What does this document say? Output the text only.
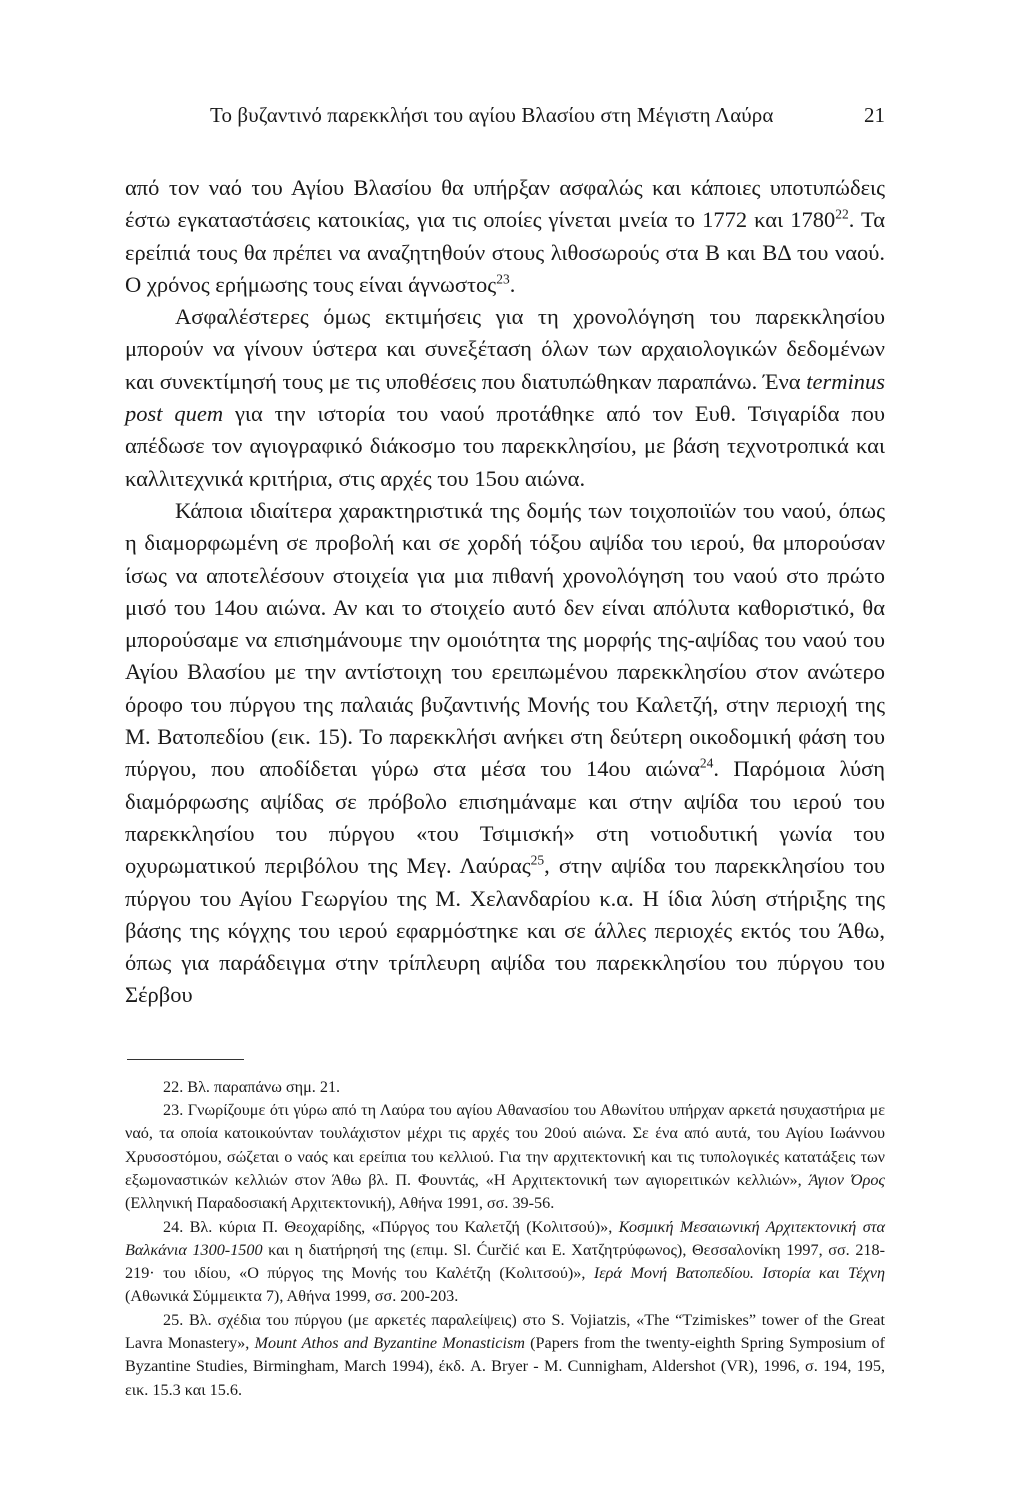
Το βυζαντινό παρεκκλήσι του αγίου Βλασίου στη Μέγιστη Λαύρα	21

από τον ναό του Αγίου Βλασίου θα υπήρξαν ασφαλώς και κάποιες υποτυπώδεις έστω εγκαταστάσεις κατοικίας, για τις οποίες γίνεται μνεία το 1772 και 1780$^{22}$. Τα ερείπιά τους θα πρέπει να αναζητηθούν στους λιθοσωρούς στα Β και ΒΔ του ναού. Ο χρόνος ερήμωσης τους είναι άγνωστος$^{23}$.

Ασφαλέστερες όμως εκτιμήσεις για τη χρονολόγηση του παρεκκλησίου μπορούν να γίνουν ύστερα και συνεξέταση όλων των αρχαιολογικών δεδομένων και συνεκτίμησή τους με τις υποθέσεις που διατυπώθηκαν παραπάνω. Ένα terminus post quem για την ιστορία του ναού προτάθηκε από τον Ευθ. Τσιγαρίδα που απέδωσε τον αγιογραφικό διάκοσμο του παρεκκλησίου, με βάση τεχνοτροπικά και καλλιτεχνικά κριτήρια, στις αρχές του 15ου αιώνα.

Κάποια ιδιαίτερα χαρακτηριστικά της δομής των τοιχοποιϊών του ναού, όπως η διαμορφωμένη σε προβολή και σε χορδή τόξου αψίδα του ιερού, θα μπορούσαν ίσως να αποτελέσουν στοιχεία για μια πιθανή χρονολόγηση του ναού στο πρώτο μισό του 14ου αιώνα. Αν και το στοιχείο αυτό δεν είναι απόλυτα καθοριστικό, θα μπορούσαμε να επισημάνουμε την ομοιότητα της μορφής της-αψίδας του ναού του Αγίου Βλασίου με την αντίστοιχη του ερειπωμένου παρεκκλησίου στον ανώτερο όροφο του πύργου της παλαιάς βυζαντινής Μονής του Καλετζή, στην περιοχή της Μ. Βατοπεδίου (εικ. 15). Το παρεκκλήσι ανήκει στη δεύτερη οικοδομική φάση του πύργου, που αποδίδεται γύρω στα μέσα του 14ου αιώνα$^{24}$. Παρόμοια λύση διαμόρφωσης αψίδας σε πρόβολο επισημάναμε και στην αψίδα του ιερού του παρεκκλησίου του πύργου «του Τσιμισκή» στη νοτιοδυτική γωνία του οχυρωματικού περιβόλου της Μεγ. Λαύρας$^{25}$, στην αψίδα του παρεκκλησίου του πύργου του Αγίου Γεωργίου της Μ. Χελανδαρίου κ.α. Η ίδια λύση στήριξης της βάσης της κόγχης του ιερού εφαρμόστηκε και σε άλλες περιοχές εκτός του Άθω, όπως για παράδειγμα στην τρίπλευρη αψίδα του παρεκκλησίου του πύργου του Σέρβου

22. Βλ. παραπάνω σημ. 21.

23. Γνωρίζουμε ότι γύρω από τη Λαύρα του αγίου Αθανασίου του Αθωνίτου υπήρχαν αρκετά ησυχαστήρια με ναό, τα οποία κατοικούνταν τουλάχιστον μέχρι τις αρχές του 20ού αιώνα. Σε ένα από αυτά, του Αγίου Ιωάννου Χρυσοστόμου, σώζεται ο ναός και ερείπια του κελλιού. Για την αρχιτεκτονική και τις τυπολογικές κατατάξεις των εξωμοναστικών κελλιών στον Άθω βλ. Π. Φουντάς, «Η Αρχιτεκτονική των αγιορειτικών κελλιών», Άγιον Όρος (Ελληνική Παραδοσιακή Αρχιτεκτονική), Αθήνα 1991, σσ. 39-56.

24. Βλ. κύρια Π. Θεοχαρίδης, «Πύργος του Καλετζή (Κολιτσού)», Κοσμική Μεσαιωνική Αρχιτεκτονική στα Βαλκάνια 1300-1500 και η διατήρησή της (επιμ. Sl. Ćurčić και Ε. Χατζητρύφωνος), Θεσσαλονίκη 1997, σσ. 218-219· του ιδίου, «Ο πύργος της Μονής του Καλέτζη (Κολιτσού)», Ιερά Μονή Βατοπεδίου. Ιστορία και Τέχνη (Αθωνικά Σύμμεικτα 7), Αθήνα 1999, σσ. 200-203.

25. Βλ. σχέδια του πύργου (με αρκετές παραλείψεις) στο S. Vojiatzis, «The “Tzimiskes” tower of the Great Lavra Monastery», Mount Athos and Byzantine Monasticism (Papers from the twenty-eighth Spring Symposium of Byzantine Studies, Birmingham, March 1994), έκδ. A. Bryer - M. Cunnigham, Aldershot (VR), 1996, σ. 194, 195, εικ. 15.3 και 15.6.
